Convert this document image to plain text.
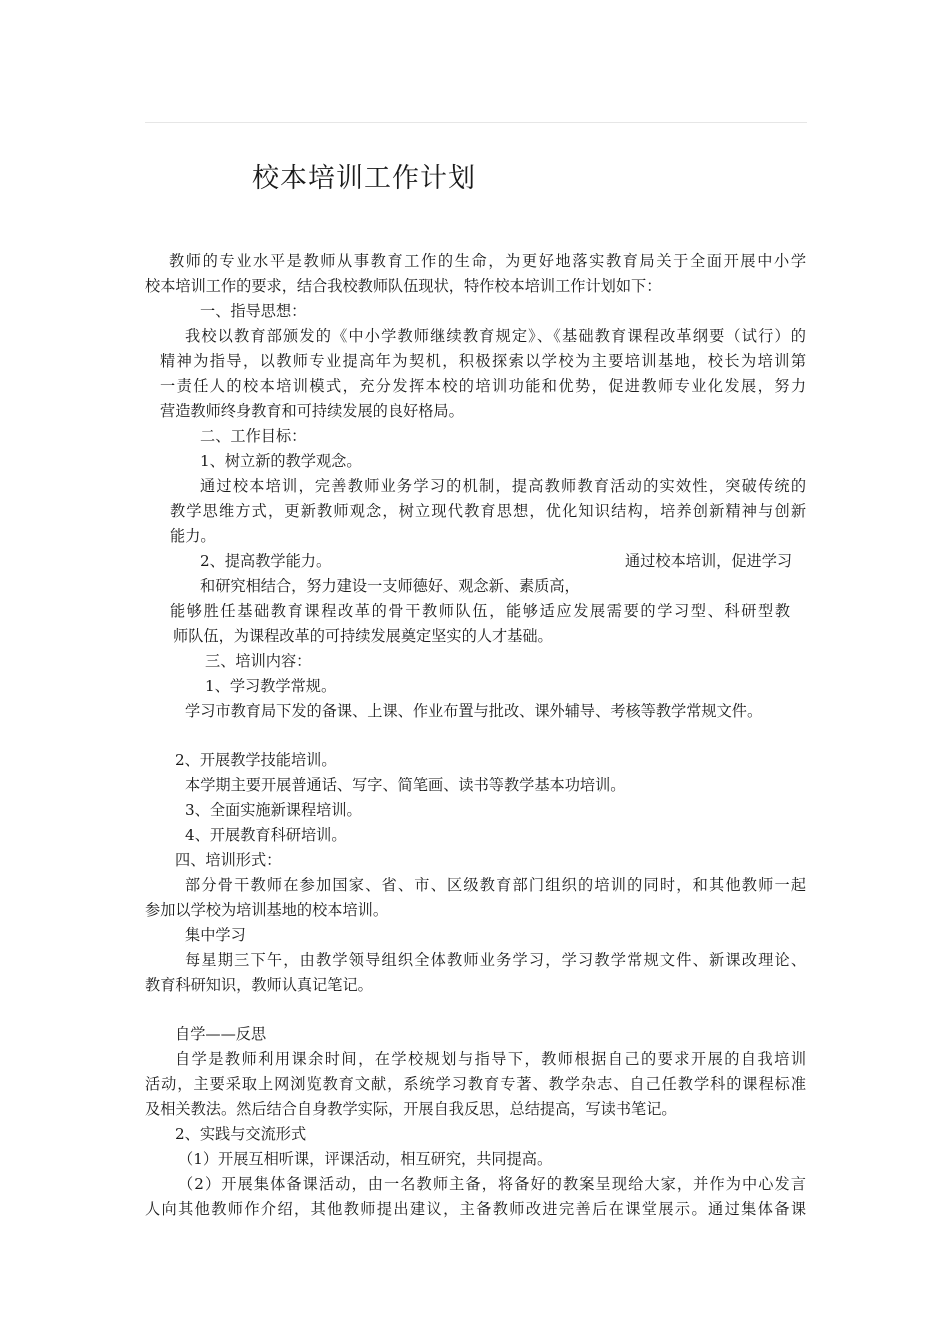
校本培训工作计划
教师的专业水平是教师从事教育工作的生命，为更好地落实教育局关于全面开展中小学
校本培训工作的要求，结合我校教师队伍现状，特作校本培训工作计划如下：
一、指导思想：
我校以教育部颁发的《中小学教师继续教育规定》、《基础教育课程改革纲要（试行）的
精神为指导，以教师专业提高年为契机，积极探索以学校为主要培训基地，校长为培训第
一责任人的校本培训模式，充分发挥本校的培训功能和优势，促进教师专业化发展，努力
营造教师终身教育和可持续发展的良好格局。
二、工作目标：
1、树立新的教学观念。
通过校本培训，完善教师业务学习的机制，提高教师教育活动的实效性，突破传统的
教学思维方式，更新教师观念，树立现代教育思想，优化知识结构，培养创新精神与创新
能力。
2、提高教学能力。	通过校本培训，促进学习
和研究相结合，努力建设一支师德好、观念新、素质高，
能够胜任基础教育课程改革的骨干教师队伍，能够适应发展需要的学习型、科研型教
师队伍，为课程改革的可持续发展奠定坚实的人才基础。
三、培训内容：
1、学习教学常规。
学习市教育局下发的备课、上课、作业布置与批改、课外辅导、考核等教学常规文件。
2、开展教学技能培训。
本学期主要开展普通话、写字、简笔画、读书等教学基本功培训。
3、全面实施新课程培训。
4、开展教育科研培训。
四、培训形式：
部分骨干教师在参加国家、省、市、区级教育部门组织的培训的同时，和其他教师一起
参加以学校为培训基地的校本培训。
集中学习
每星期三下午，由教学领导组织全体教师业务学习，学习教学常规文件、新课改理论、
教育科研知识，教师认真记笔记。
自学——反思
自学是教师利用课余时间，在学校规划与指导下，教师根据自己的要求开展的自我培训
活动，主要采取上网浏览教育文献，系统学习教育专著、教学杂志、自己任教学科的课程标准
及相关教法。然后结合自身教学实际，开展自我反思，总结提高，写读书笔记。
2、实践与交流形式
（1）开展互相听课，评课活动，相互研究，共同提高。
（2）开展集体备课活动，由一名教师主备，将备好的教案呈现给大家，并作为中心发言
人向其他教师作介绍，其他教师提出建议，主备教师改进完善后在课堂展示。通过集体备课
